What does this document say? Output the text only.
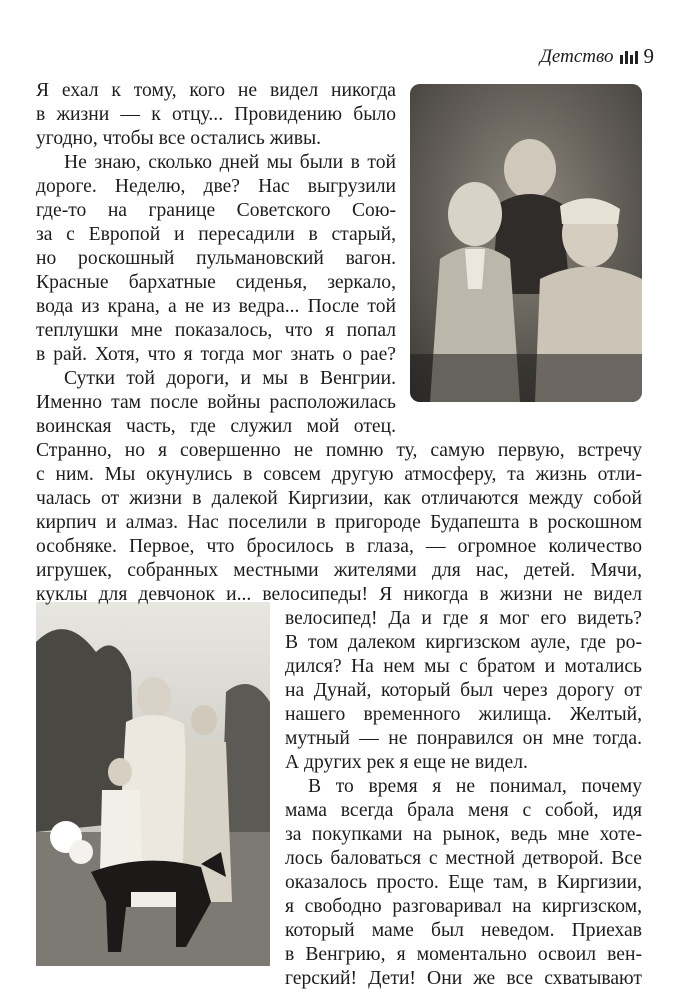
Детство 9
Я ехал к тому, кого не видел никогда
в жизни — к отцу... Провидению было
угодно, чтобы все остались живы.
Не знаю, сколько дней мы были в той
дороге. Неделю, две? Нас выгрузили
где-то на границе Советского Сою-
за с Европой и пересадили в старый,
но роскошный пульмановский вагон.
Красные бархатные сиденья, зеркало,
вода из крана, а не из ведра... После той
теплушки мне показалось, что я попал
в рай. Хотя, что я тогда мог знать о рае?
Сутки той дороги, и мы в Венгрии.
Именно там после войны расположилась
воинская часть, где служил мой отец.
Странно, но я совершенно не помню ту, самую первую, встречу
с ним. Мы окунулись в совсем другую атмосферу, та жизнь отли-
чалась от жизни в далекой Киргизии, как отличаются между собой
кирпич и алмаз. Нас поселили в пригороде Будапешта в роскошном
особняке. Первое, что бросилось в глаза, — огромное количество
игрушек, собранных местными жителями для нас, детей. Мячи,
куклы для девчонок и... велосипеды! Я никогда в жизни не видел
велосипед! Да и где я мог его видеть?
В том далеком киргизском ауле, где ро-
дился? На нем мы с братом и мотались
на Дунай, который был через дорогу от
нашего временного жилища. Желтый,
мутный — не понравился он мне тогда.
А других рек я еще не видел.
В то время я не понимал, почему
мама всегда брала меня с собой, идя
за покупками на рынок, ведь мне хоте-
лось баловаться с местной детворой. Все
оказалось просто. Еще там, в Киргизии,
я свободно разговаривал на киргизском,
который маме был неведом. Приехав
в Венгрию, я моментально освоил вен-
герский! Дети! Они же все схватывают
